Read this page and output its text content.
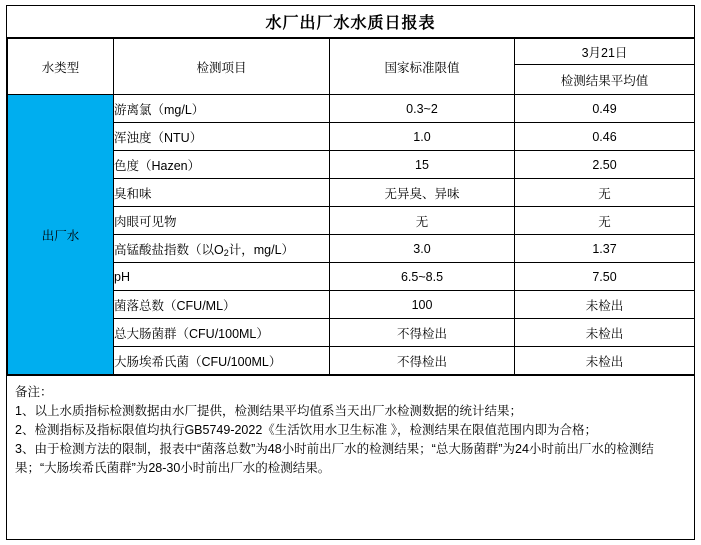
水厂出厂水水质日报表
水类型	检测项目	国家标准限值	3月21日
			检测结果平均值
出厂水	游离氯（mg/L）	0.3~2	0.49
	浑浊度（NTU）	1.0	0.46
	色度（Hazen）	15	2.50
	臭和味	无异臭、异味	无
	肉眼可见物	无	无
	高锰酸盐指数（以$O_2$计，mg/L）	3.0	1.37
	pH	6.5~8.5	7.50
	菌落总数（CFU/ML）	100	未检出
	总大肠菌群（CFU/100ML）	不得检出	未检出
	大肠埃希氏菌（CFU/100ML）	不得检出	未检出
备注：
1、以上水质指标检测数据由水厂提供，检测结果平均值系当天出厂水检测数据的统计结果；
2、检测指标及指标限值均执行GB5749-2022《生活饮用水卫生标准 》，检测结果在限值范围内即为合格；
3、由于检测方法的限制，报表中“菌落总数”为48小时前出厂水的检测结果；“总大肠菌群”为24小时前出厂水的检测结果；“大肠埃希氏菌群”为28-30小时前出厂水的检测结果。
